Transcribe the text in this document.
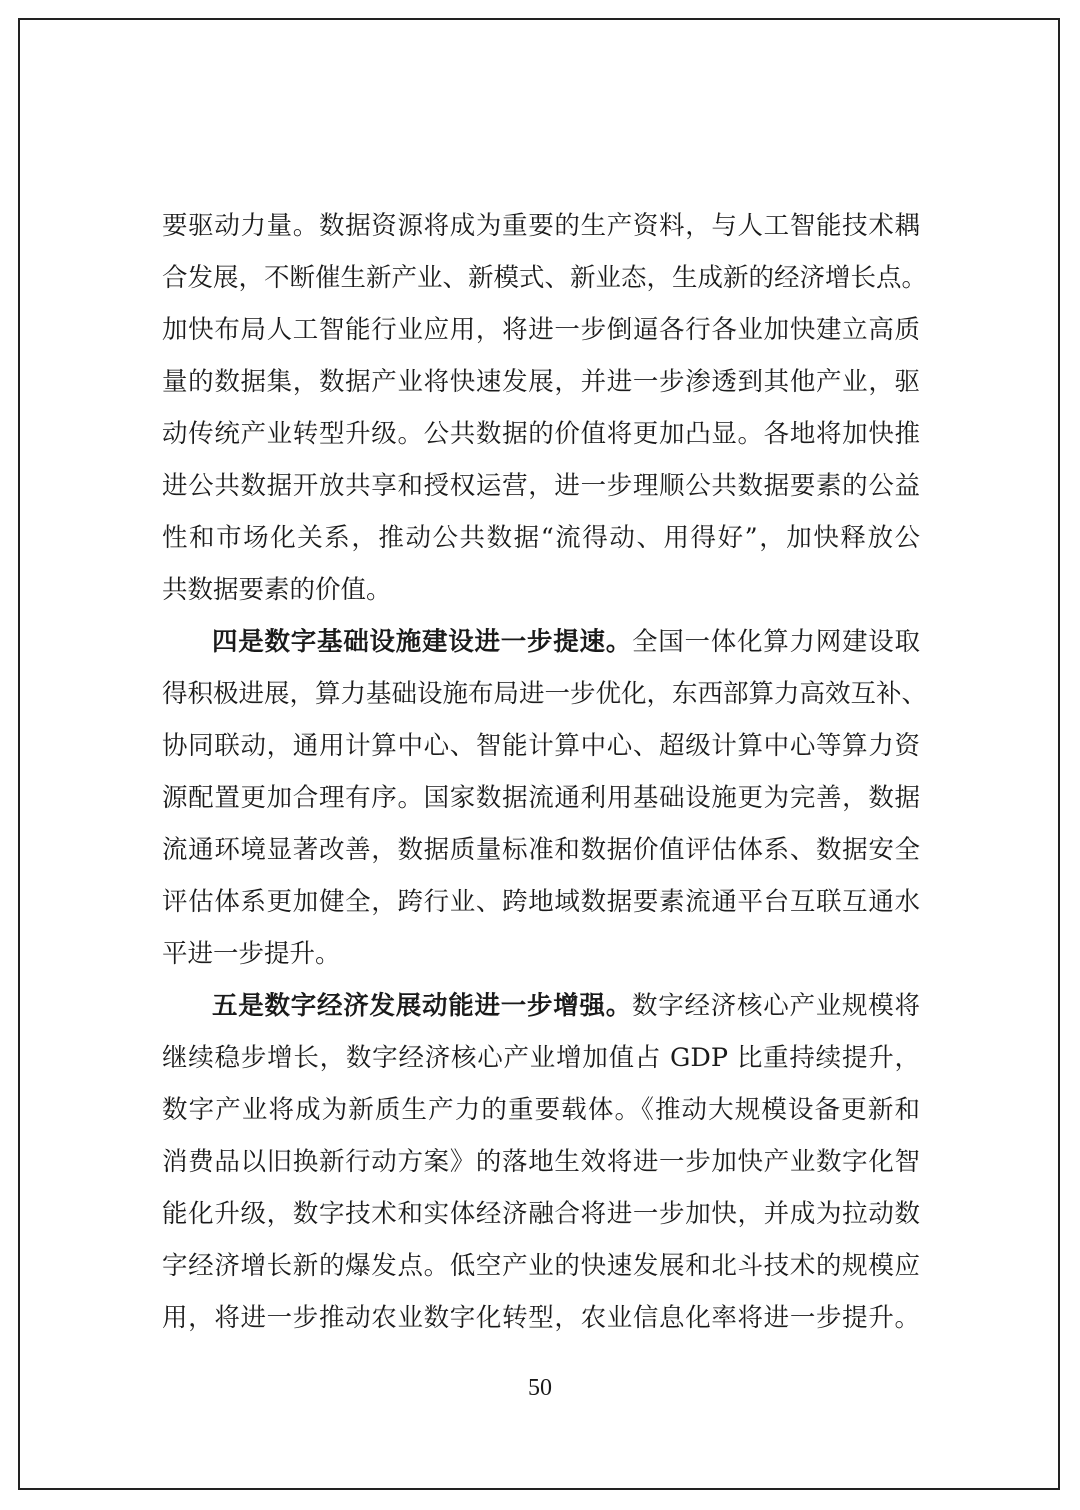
要驱动力量。数据资源将成为重要的生产资料，与人工智能技术耦
合发展，不断催生新产业、新模式、新业态，生成新的经济增长点。
加快布局人工智能行业应用，将进一步倒逼各行各业加快建立高质
量的数据集，数据产业将快速发展，并进一步渗透到其他产业，驱
动传统产业转型升级。公共数据的价值将更加凸显。各地将加快推
进公共数据开放共享和授权运营，进一步理顺公共数据要素的公益
性和市场化关系，推动公共数据“流得动、用得好”，加快释放公
共数据要素的价值。
四是数字基础设施建设进一步提速。全国一体化算力网建设取
得积极进展，算力基础设施布局进一步优化，东西部算力高效互补、
协同联动，通用计算中心、智能计算中心、超级计算中心等算力资
源配置更加合理有序。国家数据流通利用基础设施更为完善，数据
流通环境显著改善，数据质量标准和数据价值评估体系、数据安全
评估体系更加健全，跨行业、跨地域数据要素流通平台互联互通水
平进一步提升。
五是数字经济发展动能进一步增强。数字经济核心产业规模将
继续稳步增长，数字经济核心产业增加值占 GDP 比重持续提升，
数字产业将成为新质生产力的重要载体。《推动大规模设备更新和
消费品以旧换新行动方案》的落地生效将进一步加快产业数字化智
能化升级，数字技术和实体经济融合将进一步加快，并成为拉动数
字经济增长新的爆发点。低空产业的快速发展和北斗技术的规模应
用，将进一步推动农业数字化转型，农业信息化率将进一步提升。
50
